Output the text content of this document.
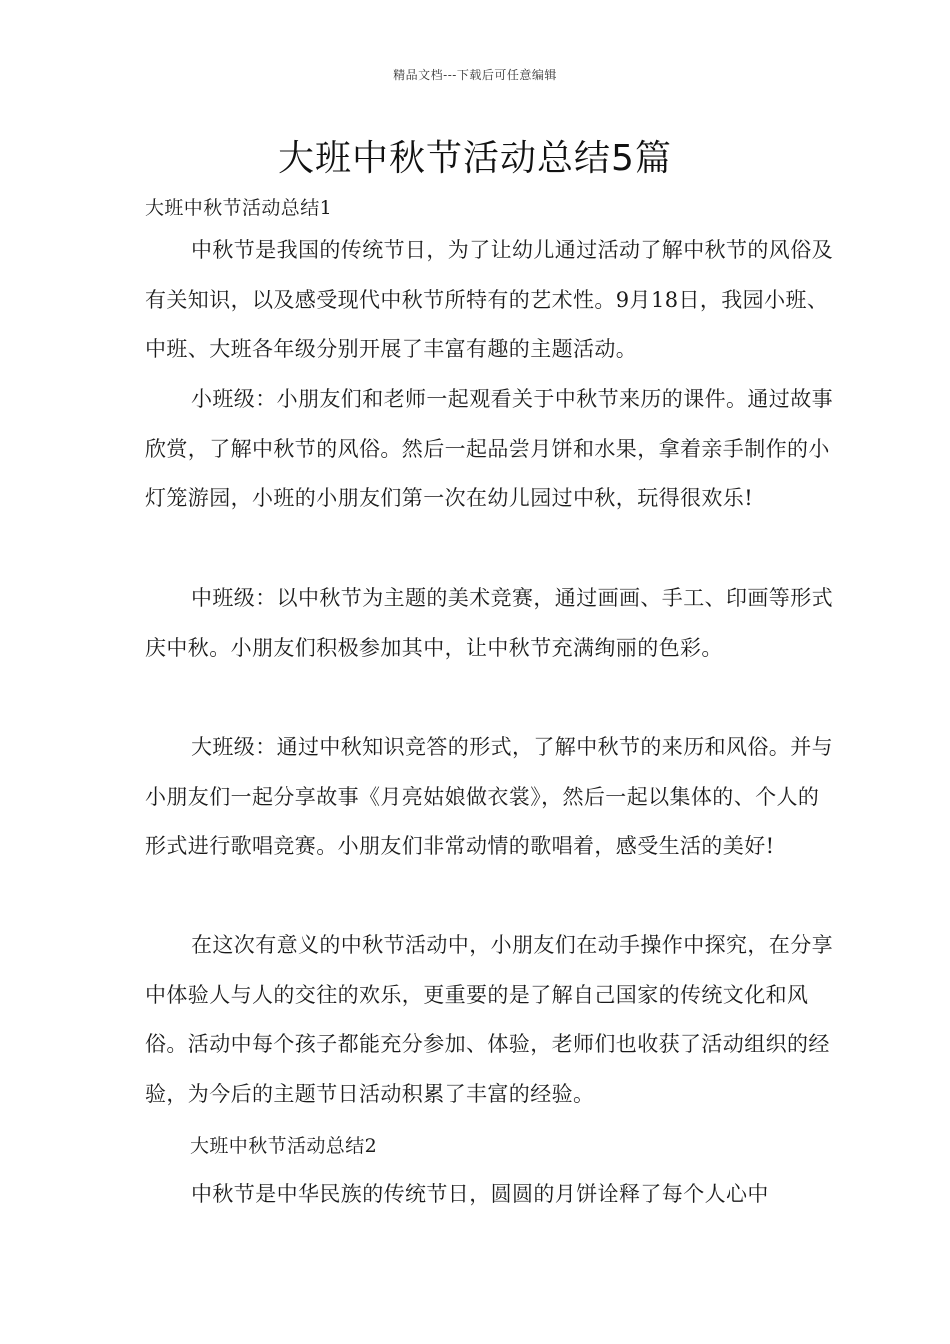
精品文档---下载后可任意编辑
大班中秋节活动总结5篇

大班中秋节活动总结1

中秋节是我国的传统节日，为了让幼儿通过活动了解中秋节的风俗及有关知识，以及感受现代中秋节所特有的艺术性。9月18日，我园小班、中班、大班各年级分别开展了丰富有趣的主题活动。

小班级：小朋友们和老师一起观看关于中秋节来历的课件。通过故事欣赏，了解中秋节的风俗。然后一起品尝月饼和水果，拿着亲手制作的小灯笼游园，小班的小朋友们第一次在幼儿园过中秋，玩得很欢乐!

中班级：以中秋节为主题的美术竞赛，通过画画、手工、印画等形式庆中秋。小朋友们积极参加其中，让中秋节充满绚丽的色彩。

大班级：通过中秋知识竞答的形式，了解中秋节的来历和风俗。并与小朋友们一起分享故事《月亮姑娘做衣裳》，然后一起以集体的、个人的形式进行歌唱竞赛。小朋友们非常动情的歌唱着，感受生活的美好!

在这次有意义的中秋节活动中，小朋友们在动手操作中探究，在分享中体验人与人的交往的欢乐，更重要的是了解自己国家的传统文化和风俗。活动中每个孩子都能充分参加、体验，老师们也收获了活动组织的经验，为今后的主题节日活动积累了丰富的经验。

大班中秋节活动总结2

中秋节是中华民族的传统节日，圆圆的月饼诠释了每个人心中
